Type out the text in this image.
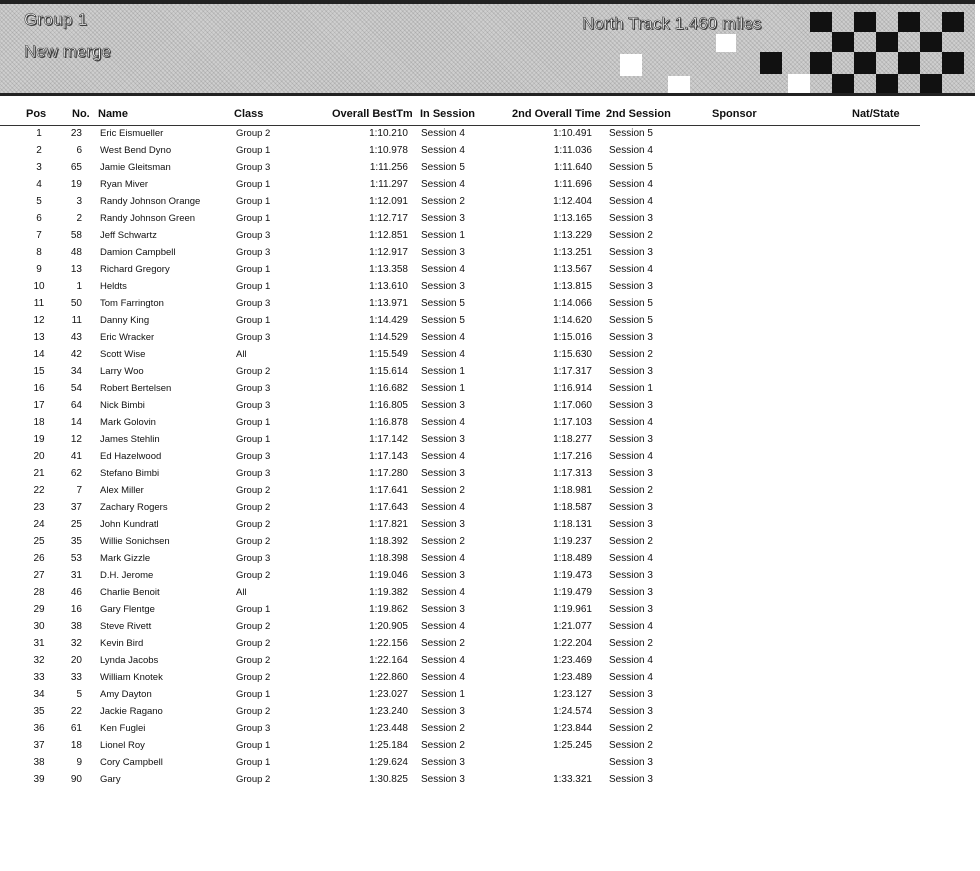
Group 1
New merge
North Track 1.460 miles
Pos No. Name	Class	Overall BestTm In Session	2nd Overall Time 2nd Session	Sponsor	Nat/State
1	23 Eric Eismueller	Group 2	1:10.210 Session 4	1:10.491 Session 5
2	6 West Bend Dyno	Group 1	1:10.978 Session 4	1:11.036 Session 4
3	65 Jamie Gleitsman	Group 3	1:11.256 Session 5	1:11.640 Session 5
4	19 Ryan Miver	Group 1	1:11.297 Session 4	1:11.696 Session 4
5	3 Randy Johnson Orange	Group 1	1:12.091 Session 2	1:12.404 Session 4
6	2 Randy Johnson Green	Group 1	1:12.717 Session 3	1:13.165 Session 3
7	58 Jeff Schwartz	Group 3	1:12.851 Session 1	1:13.229 Session 2
8	48 Damion Campbell	Group 3	1:12.917 Session 3	1:13.251 Session 3
9	13 Richard Gregory	Group 1	1:13.358 Session 4	1:13.567 Session 4
10	1 Heldts	Group 1	1:13.610 Session 3	1:13.815 Session 3
11	50 Tom Farrington	Group 3	1:13.971 Session 5	1:14.066 Session 5
12	11 Danny King	Group 1	1:14.429 Session 5	1:14.620 Session 5
13	43 Eric Wracker	Group 3	1:14.529 Session 4	1:15.016 Session 3
14	42 Scott Wise	All	1:15.549 Session 4	1:15.630 Session 2
15	34 Larry Woo	Group 2	1:15.614 Session 1	1:17.317 Session 3
16	54 Robert Bertelsen	Group 3	1:16.682 Session 1	1:16.914 Session 1
17	64 Nick Bimbi	Group 3	1:16.805 Session 3	1:17.060 Session 3
18	14 Mark Golovin	Group 1	1:16.878 Session 4	1:17.103 Session 4
19	12 James Stehlin	Group 1	1:17.142 Session 3	1:18.277 Session 3
20	41 Ed Hazelwood	Group 3	1:17.143 Session 4	1:17.216 Session 4
21	62 Stefano Bimbi	Group 3	1:17.280 Session 3	1:17.313 Session 3
22	7 Alex Miller	Group 2	1:17.641 Session 2	1:18.981 Session 2
23	37 Zachary Rogers	Group 2	1:17.643 Session 4	1:18.587 Session 3
24	25 John Kundratl	Group 2	1:17.821 Session 3	1:18.131 Session 3
25	35 Willie Sonichsen	Group 2	1:18.392 Session 2	1:19.237 Session 2
26	53 Mark Gizzle	Group 3	1:18.398 Session 4	1:18.489 Session 4
27	31 D.H. Jerome	Group 2	1:19.046 Session 3	1:19.473 Session 3
28	46 Charlie Benoit	All	1:19.382 Session 4	1:19.479 Session 3
29	16 Gary Flentge	Group 1	1:19.862 Session 3	1:19.961 Session 3
30	38 Steve Rivett	Group 2	1:20.905 Session 4	1:21.077 Session 4
31	32 Kevin Bird	Group 2	1:22.156 Session 2	1:22.204 Session 2
32	20 Lynda Jacobs	Group 2	1:22.164 Session 4	1:23.469 Session 4
33	33 William Knotek	Group 2	1:22.860 Session 4	1:23.489 Session 4
34	5 Amy Dayton	Group 1	1:23.027 Session 1	1:23.127 Session 3
35	22 Jackie Ragano	Group 2	1:23.240 Session 3	1:24.574 Session 3
36	61 Ken Fuglei	Group 3	1:23.448 Session 2	1:23.844 Session 2
37	18 Lionel Roy	Group 1	1:25.184 Session 2	1:25.245 Session 2
38	9 Cory Campbell	Group 1	1:29.624 Session 3	Session 3
39	90 Gary	Group 2	1:30.825 Session 3	1:33.321 Session 3
